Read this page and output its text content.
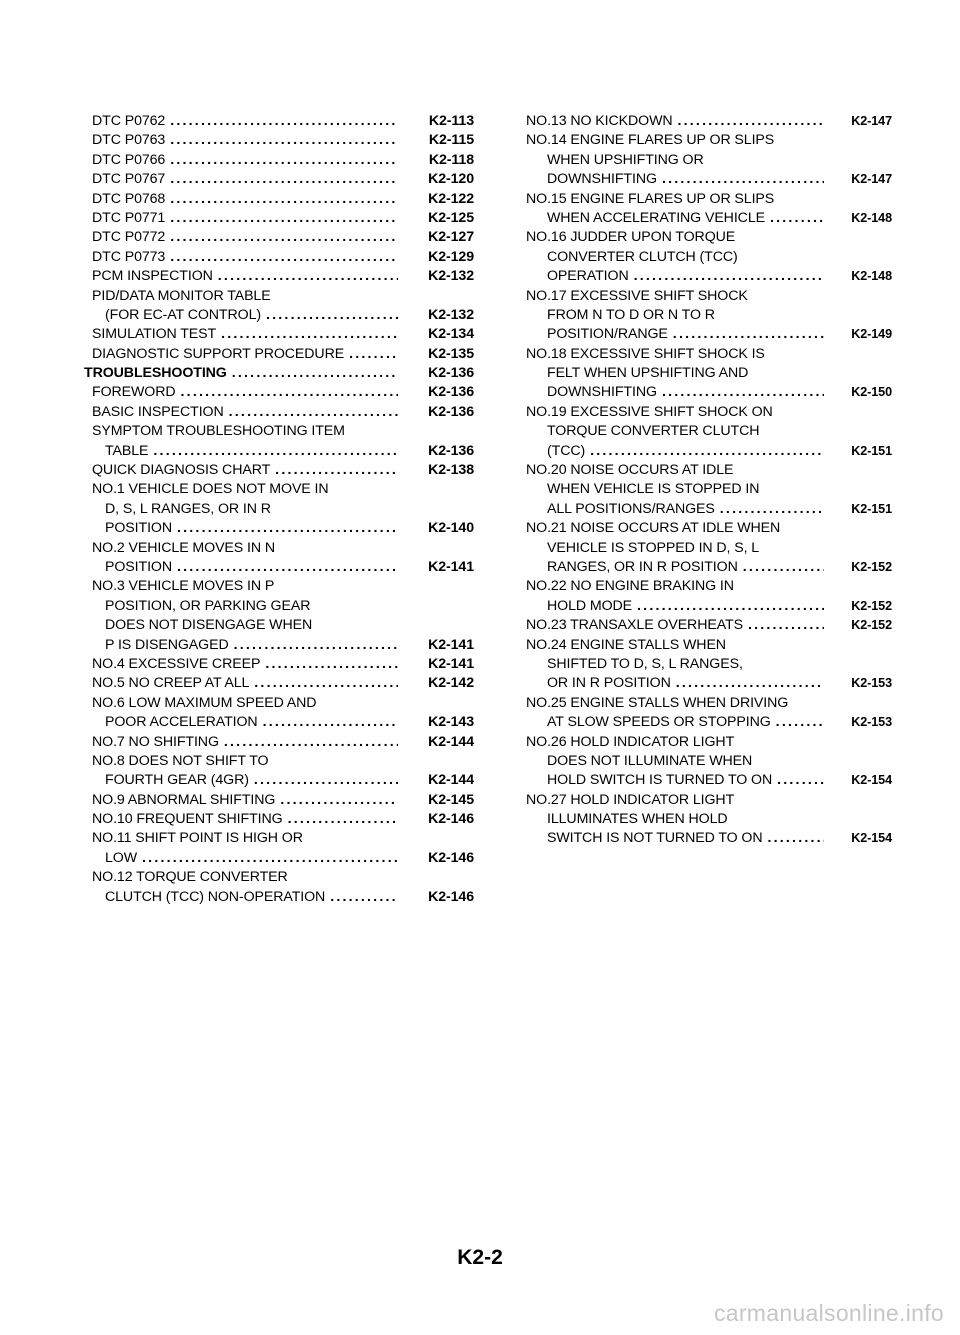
DTC P0762 .....	K2-113
DTC P0763 .....	K2-115
DTC P0766 .....	K2-118
DTC P0767 .....	K2-120
DTC P0768 .....	K2-122
DTC P0771 .....	K2-125
DTC P0772 .....	K2-127
DTC P0773 .....	K2-129
PCM INSPECTION .....	K2-132
PID/DATA MONITOR TABLE
(FOR EC-AT CONTROL) .....	K2-132
SIMULATION TEST .....	K2-134
DIAGNOSTIC SUPPORT PROCEDURE .....	K2-135
TROUBLESHOOTING .....	K2-136
FOREWORD .....	K2-136
BASIC INSPECTION .....	K2-136
SYMPTOM TROUBLESHOOTING ITEM
TABLE .....	K2-136
QUICK DIAGNOSIS CHART .....	K2-138
NO.1 VEHICLE DOES NOT MOVE IN
D, S, L RANGES, OR IN R
POSITION .....	K2-140
NO.2 VEHICLE MOVES IN N
POSITION .....	K2-141
NO.3 VEHICLE MOVES IN P
POSITION, OR PARKING GEAR
DOES NOT DISENGAGE WHEN
P IS DISENGAGED .....	K2-141
NO.4 EXCESSIVE CREEP .....	K2-141
NO.5 NO CREEP AT ALL .....	K2-142
NO.6 LOW MAXIMUM SPEED AND
POOR ACCELERATION .....	K2-143
NO.7 NO SHIFTING .....	K2-144
NO.8 DOES NOT SHIFT TO
FOURTH GEAR (4GR) .....	K2-144
NO.9 ABNORMAL SHIFTING .....	K2-145
NO.10 FREQUENT SHIFTING .....	K2-146
NO.11 SHIFT POINT IS HIGH OR
LOW .....	K2-146
NO.12 TORQUE CONVERTER
CLUTCH (TCC) NON-OPERATION .....	K2-146
NO.13 NO KICKDOWN .....	K2-147
NO.14 ENGINE FLARES UP OR SLIPS
WHEN UPSHIFTING OR
DOWNSHIFTING .....	K2-147
NO.15 ENGINE FLARES UP OR SLIPS
WHEN ACCELERATING VEHICLE .....	K2-148
NO.16 JUDDER UPON TORQUE
CONVERTER CLUTCH (TCC)
OPERATION .....	K2-148
NO.17 EXCESSIVE SHIFT SHOCK
FROM N TO D OR N TO R
POSITION/RANGE .....	K2-149
NO.18 EXCESSIVE SHIFT SHOCK IS
FELT WHEN UPSHIFTING AND
DOWNSHIFTING .....	K2-150
NO.19 EXCESSIVE SHIFT SHOCK ON
TORQUE CONVERTER CLUTCH
(TCC) .....	K2-151
NO.20 NOISE OCCURS AT IDLE
WHEN VEHICLE IS STOPPED IN
ALL POSITIONS/RANGES .....	K2-151
NO.21 NOISE OCCURS AT IDLE WHEN
VEHICLE IS STOPPED IN D, S, L
RANGES, OR IN R POSITION .....	K2-152
NO.22 NO ENGINE BRAKING IN
HOLD MODE .....	K2-152
NO.23 TRANSAXLE OVERHEATS .....	K2-152
NO.24 ENGINE STALLS WHEN
SHIFTED TO D, S, L RANGES,
OR IN R POSITION .....	K2-153
NO.25 ENGINE STALLS WHEN DRIVING
AT SLOW SPEEDS OR STOPPING .....	K2-153
NO.26 HOLD INDICATOR LIGHT
DOES NOT ILLUMINATE WHEN
HOLD SWITCH IS TURNED TO ON .....	K2-154
NO.27 HOLD INDICATOR LIGHT
ILLUMINATES WHEN HOLD
SWITCH IS NOT TURNED TO ON .....	K2-154
K2-2
carmanualsonline.info
